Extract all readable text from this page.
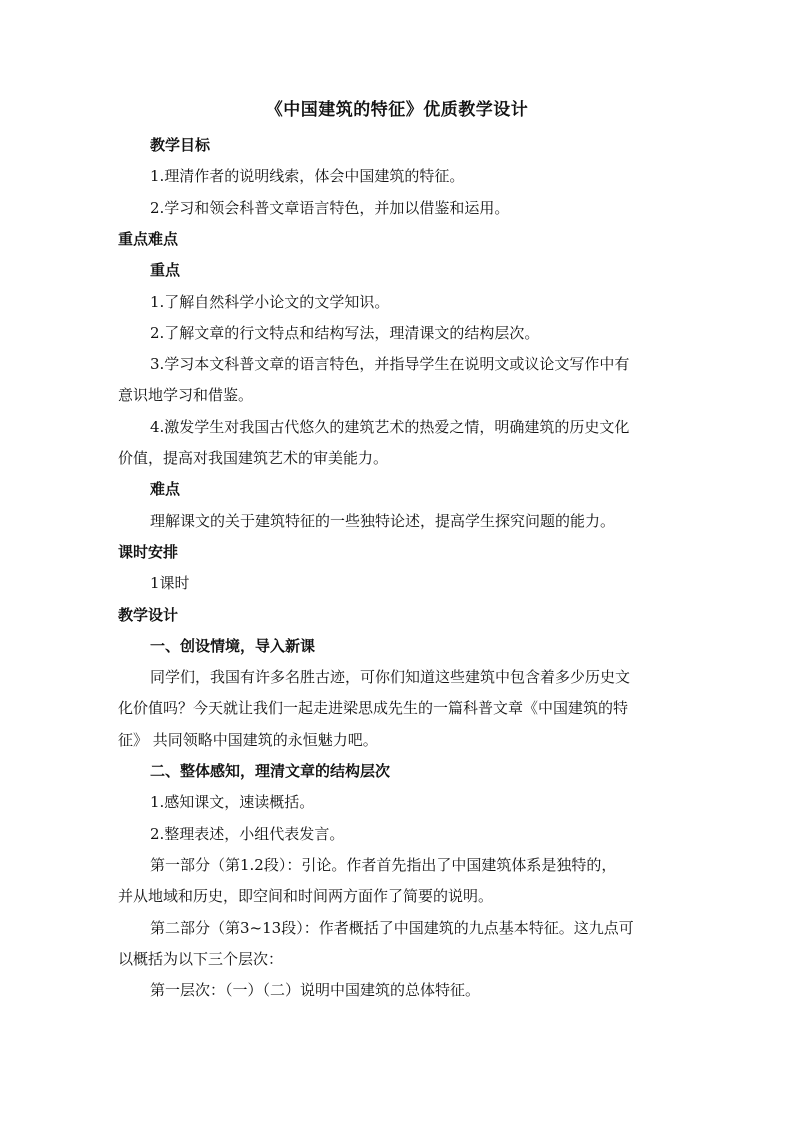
《中国建筑的特征》优质教学设计
教学目标
1.理清作者的说明线索，体会中国建筑的特征。
2.学习和领会科普文章语言特色，并加以借鉴和运用。
重点难点
重点
1.了解自然科学小论文的文学知识。
2.了解文章的行文特点和结构写法，理清课文的结构层次。
3.学习本文科普文章的语言特色，并指导学生在说明文或议论文写作中有
意识地学习和借鉴。
4.激发学生对我国古代悠久的建筑艺术的热爱之情，明确建筑的历史文化
价值，提高对我国建筑艺术的审美能力。
难点
理解课文的关于建筑特征的一些独特论述，提高学生探究问题的能力。
课时安排
1课时
教学设计
一、创设情境，导入新课
同学们，我国有许多名胜古迹，可你们知道这些建筑中包含着多少历史文
化价值吗？今天就让我们一起走进梁思成先生的一篇科普文章《中国建筑的特
征》 共同领略中国建筑的永恒魅力吧。
二、整体感知，理清文章的结构层次
1.感知课文，速读概括。
2.整理表述，小组代表发言。
第一部分（第1.2段）：引论。作者首先指出了中国建筑体系是独特的，
并从地域和历史，即空间和时间两方面作了简要的说明。
第二部分（第3~13段）：作者概括了中国建筑的九点基本特征。这九点可
以概括为以下三个层次：
第一层次：（一）（二）说明中国建筑的总体特征。
